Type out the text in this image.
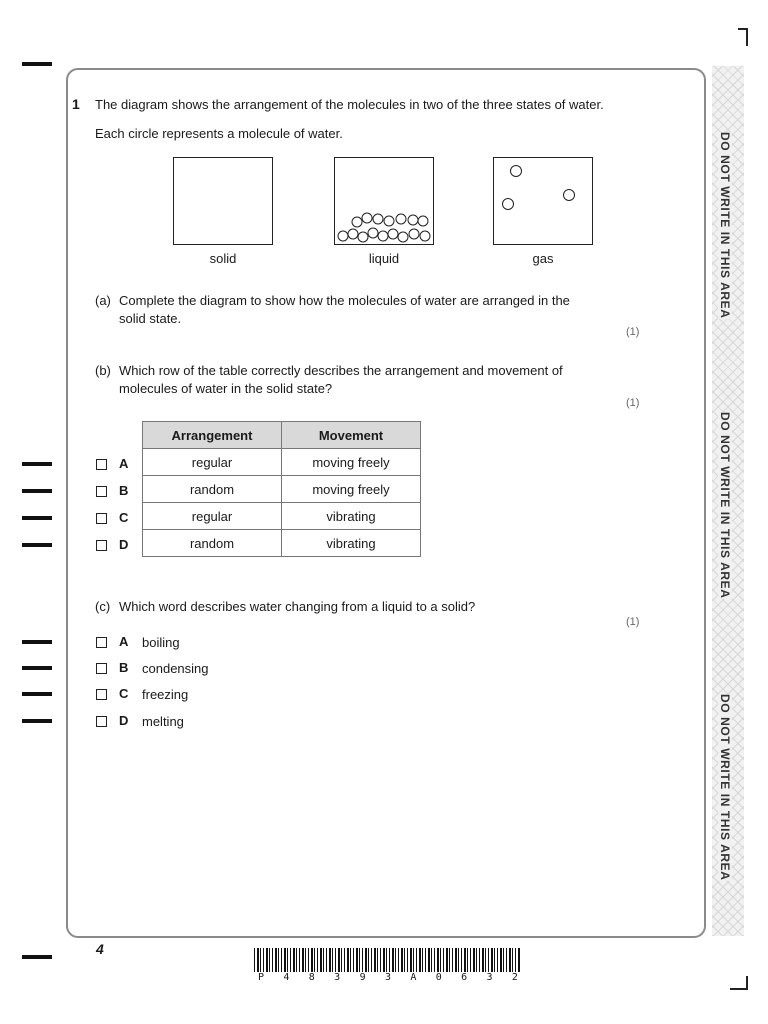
DO NOT WRITE IN THIS AREA
DO NOT WRITE IN THIS AREA
DO NOT WRITE IN THIS AREA
1 The diagram shows the arrangement of the molecules in two of the three states of water.
Each circle represents a molecule of water.
solid	liquid	gas
(a) Complete the diagram to show how the molecules of water are arranged in the
solid state.
(1)
(b) Which row of the table correctly describes the arrangement and movement of
molecules of water in the solid state?
(1)
Arrangement	Movement
regular	moving freely
random	moving freely
regular	vibrating
random	vibrating
A
B
C
D
(c) Which word describes water changing from a liquid to a solid?
(1)
A boiling
B condensing
C freezing
D melting
4
P 4 8 3 9 3 A 0 6 3 2
